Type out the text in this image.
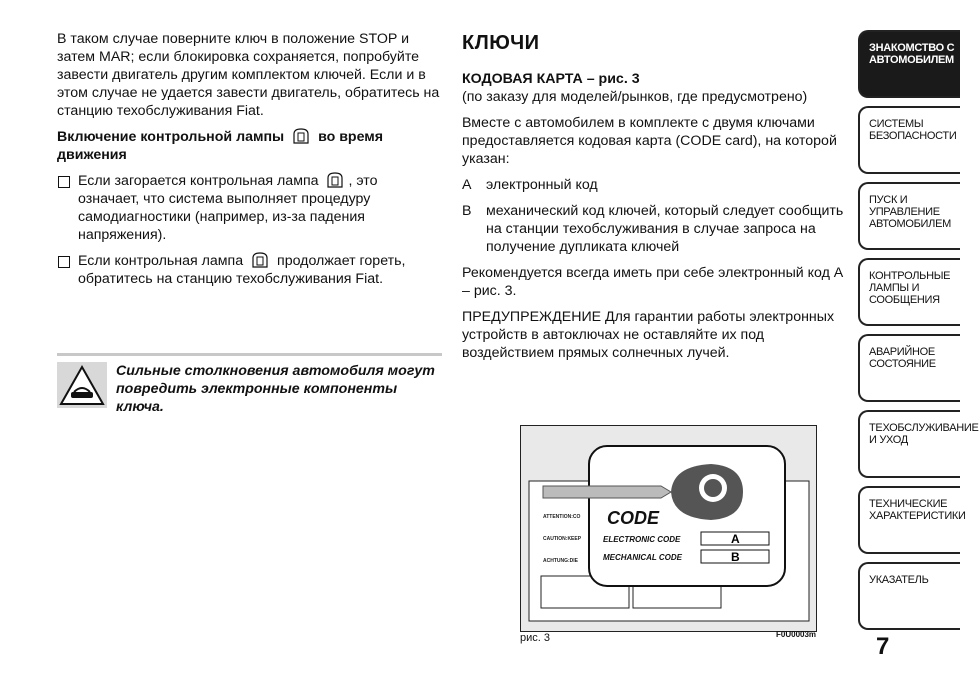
В таком случае поверните ключ в положение STOP и затем MAR; если блокировка сохраняется, попробуйте завести двигатель другим комплектом ключей. Если и в этом случае не удается завести двигатель, обратитесь на станцию техобслуживания Fiat.

Включение контрольной лампы во время движения

Если загорается контрольная лампа , это означает, что система выполняет процедуру самодиагностики (например, из-за падения напряжения).
Если контрольная лампа продолжает гореть, обратитесь на станцию техобслуживания Fiat.
Сильные столкновения автомобиля могут повредить электронные компоненты ключа.
КЛЮЧИ
КОДОВАЯ КАРТА – рис. 3

(по заказу для моделей/рынков, где предусмотрено)

Вместе с автомобилем в комплекте с двумя ключами предоставляется кодовая карта (CODE card), на которой указан:

A	электронный код
B	механический код ключей, который следует сообщить на станции техобслуживания в случае запроса на получение дупликата ключей

Рекомендуется всегда иметь при себе электронный код A – рис. 3.

ПРЕДУПРЕЖДЕНИЕ Для гарантии работы электронных устройств в автоключах не оставляйте их под воздействием прямых солнечных лучей.

ATTENTION:CO
CAUTION:KEEP
ACHTUNG:DIE
CODE
ELECTRONIC CODE	A
MECHANICAL CODE	B
рис. 3	F0U0003m
ЗНАКОМСТВО С АВТОМОБИЛЕМ
СИСТЕМЫ БЕЗОПАСНОСТИ
ПУСК И УПРАВЛЕНИЕ АВТОМОБИЛЕМ
КОНТРОЛЬНЫЕ ЛАМПЫ И СООБЩЕНИЯ
АВАРИЙНОЕ СОСТОЯНИЕ
ТЕХОБСЛУЖИВАНИЕ И УХОД
ТЕХНИЧЕСКИЕ ХАРАКТЕРИСТИКИ
УКАЗАТЕЛЬ
7
